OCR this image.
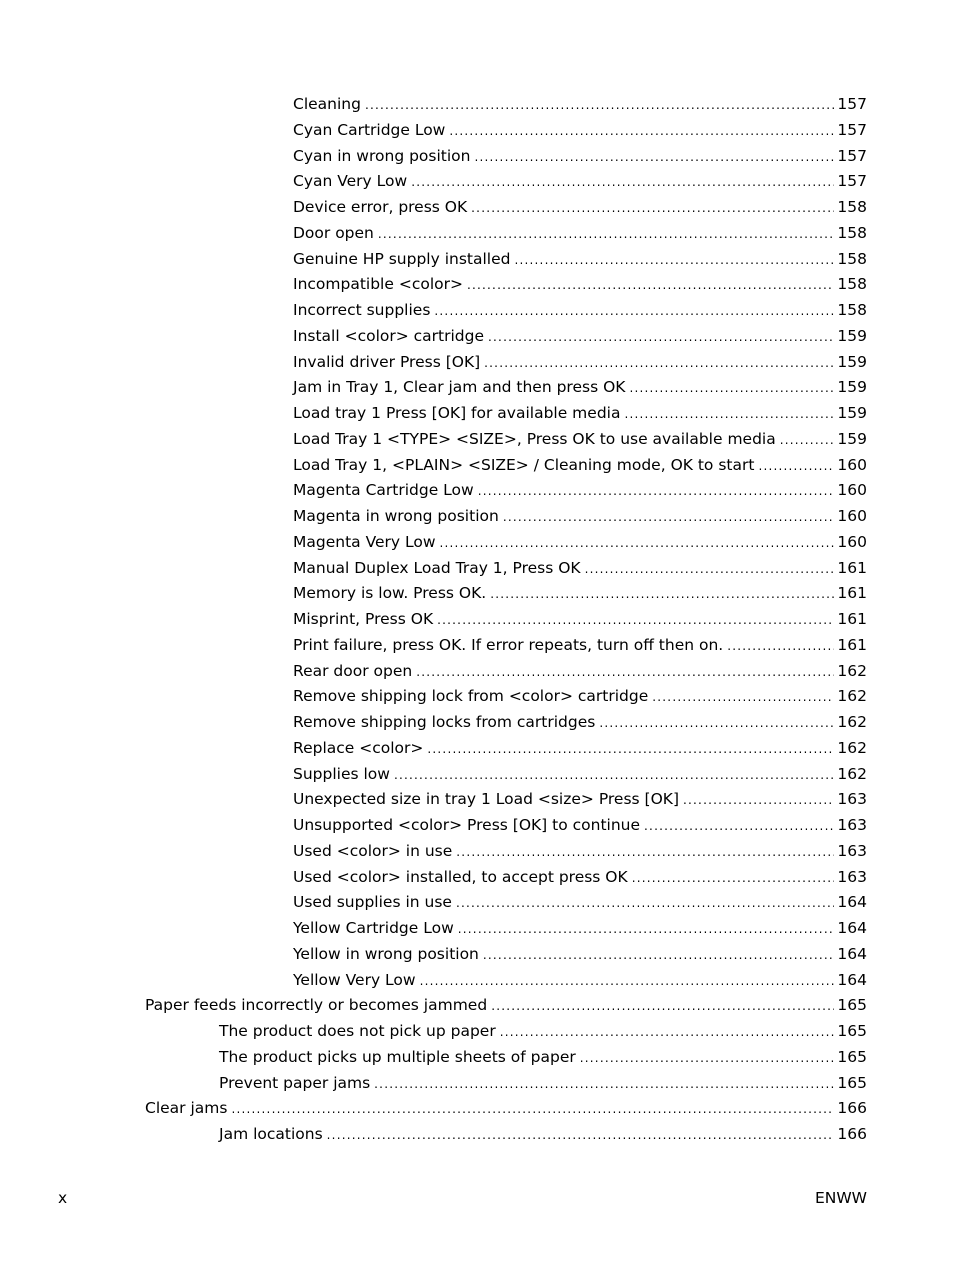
Cleaning .....	157
Cyan Cartridge Low .....	157
Cyan in wrong position .....	157
Cyan Very Low .....	157
Device error, press OK .....	158
Door open .....	158
Genuine HP supply installed .....	158
Incompatible <color> .....	158
Incorrect supplies .....	158
Install <color> cartridge .....	159
Invalid driver Press [OK] .....	159
Jam in Tray 1, Clear jam and then press OK .....	159
Load tray 1 Press [OK] for available media .....	159
Load Tray 1 <TYPE> <SIZE>, Press OK to use available media .....	159
Load Tray 1, <PLAIN> <SIZE> / Cleaning mode, OK to start .....	160
Magenta Cartridge Low .....	160
Magenta in wrong position .....	160
Magenta Very Low .....	160
Manual Duplex Load Tray 1, Press OK .....	161
Memory is low. Press OK. .....	161
Misprint, Press OK .....	161
Print failure, press OK. If error repeats, turn off then on. .....	161
Rear door open .....	162
Remove shipping lock from <color> cartridge .....	162
Remove shipping locks from cartridges .....	162
Replace <color> .....	162
Supplies low .....	162
Unexpected size in tray 1 Load <size> Press [OK] .....	163
Unsupported <color> Press [OK] to continue .....	163
Used <color> in use .....	163
Used <color> installed, to accept press OK .....	163
Used supplies in use .....	164
Yellow Cartridge Low .....	164
Yellow in wrong position .....	164
Yellow Very Low .....	164
Paper feeds incorrectly or becomes jammed .....	165
The product does not pick up paper .....	165
The product picks up multiple sheets of paper .....	165
Prevent paper jams .....	165
Clear jams .....	166
Jam locations .....	166
x	ENWW
